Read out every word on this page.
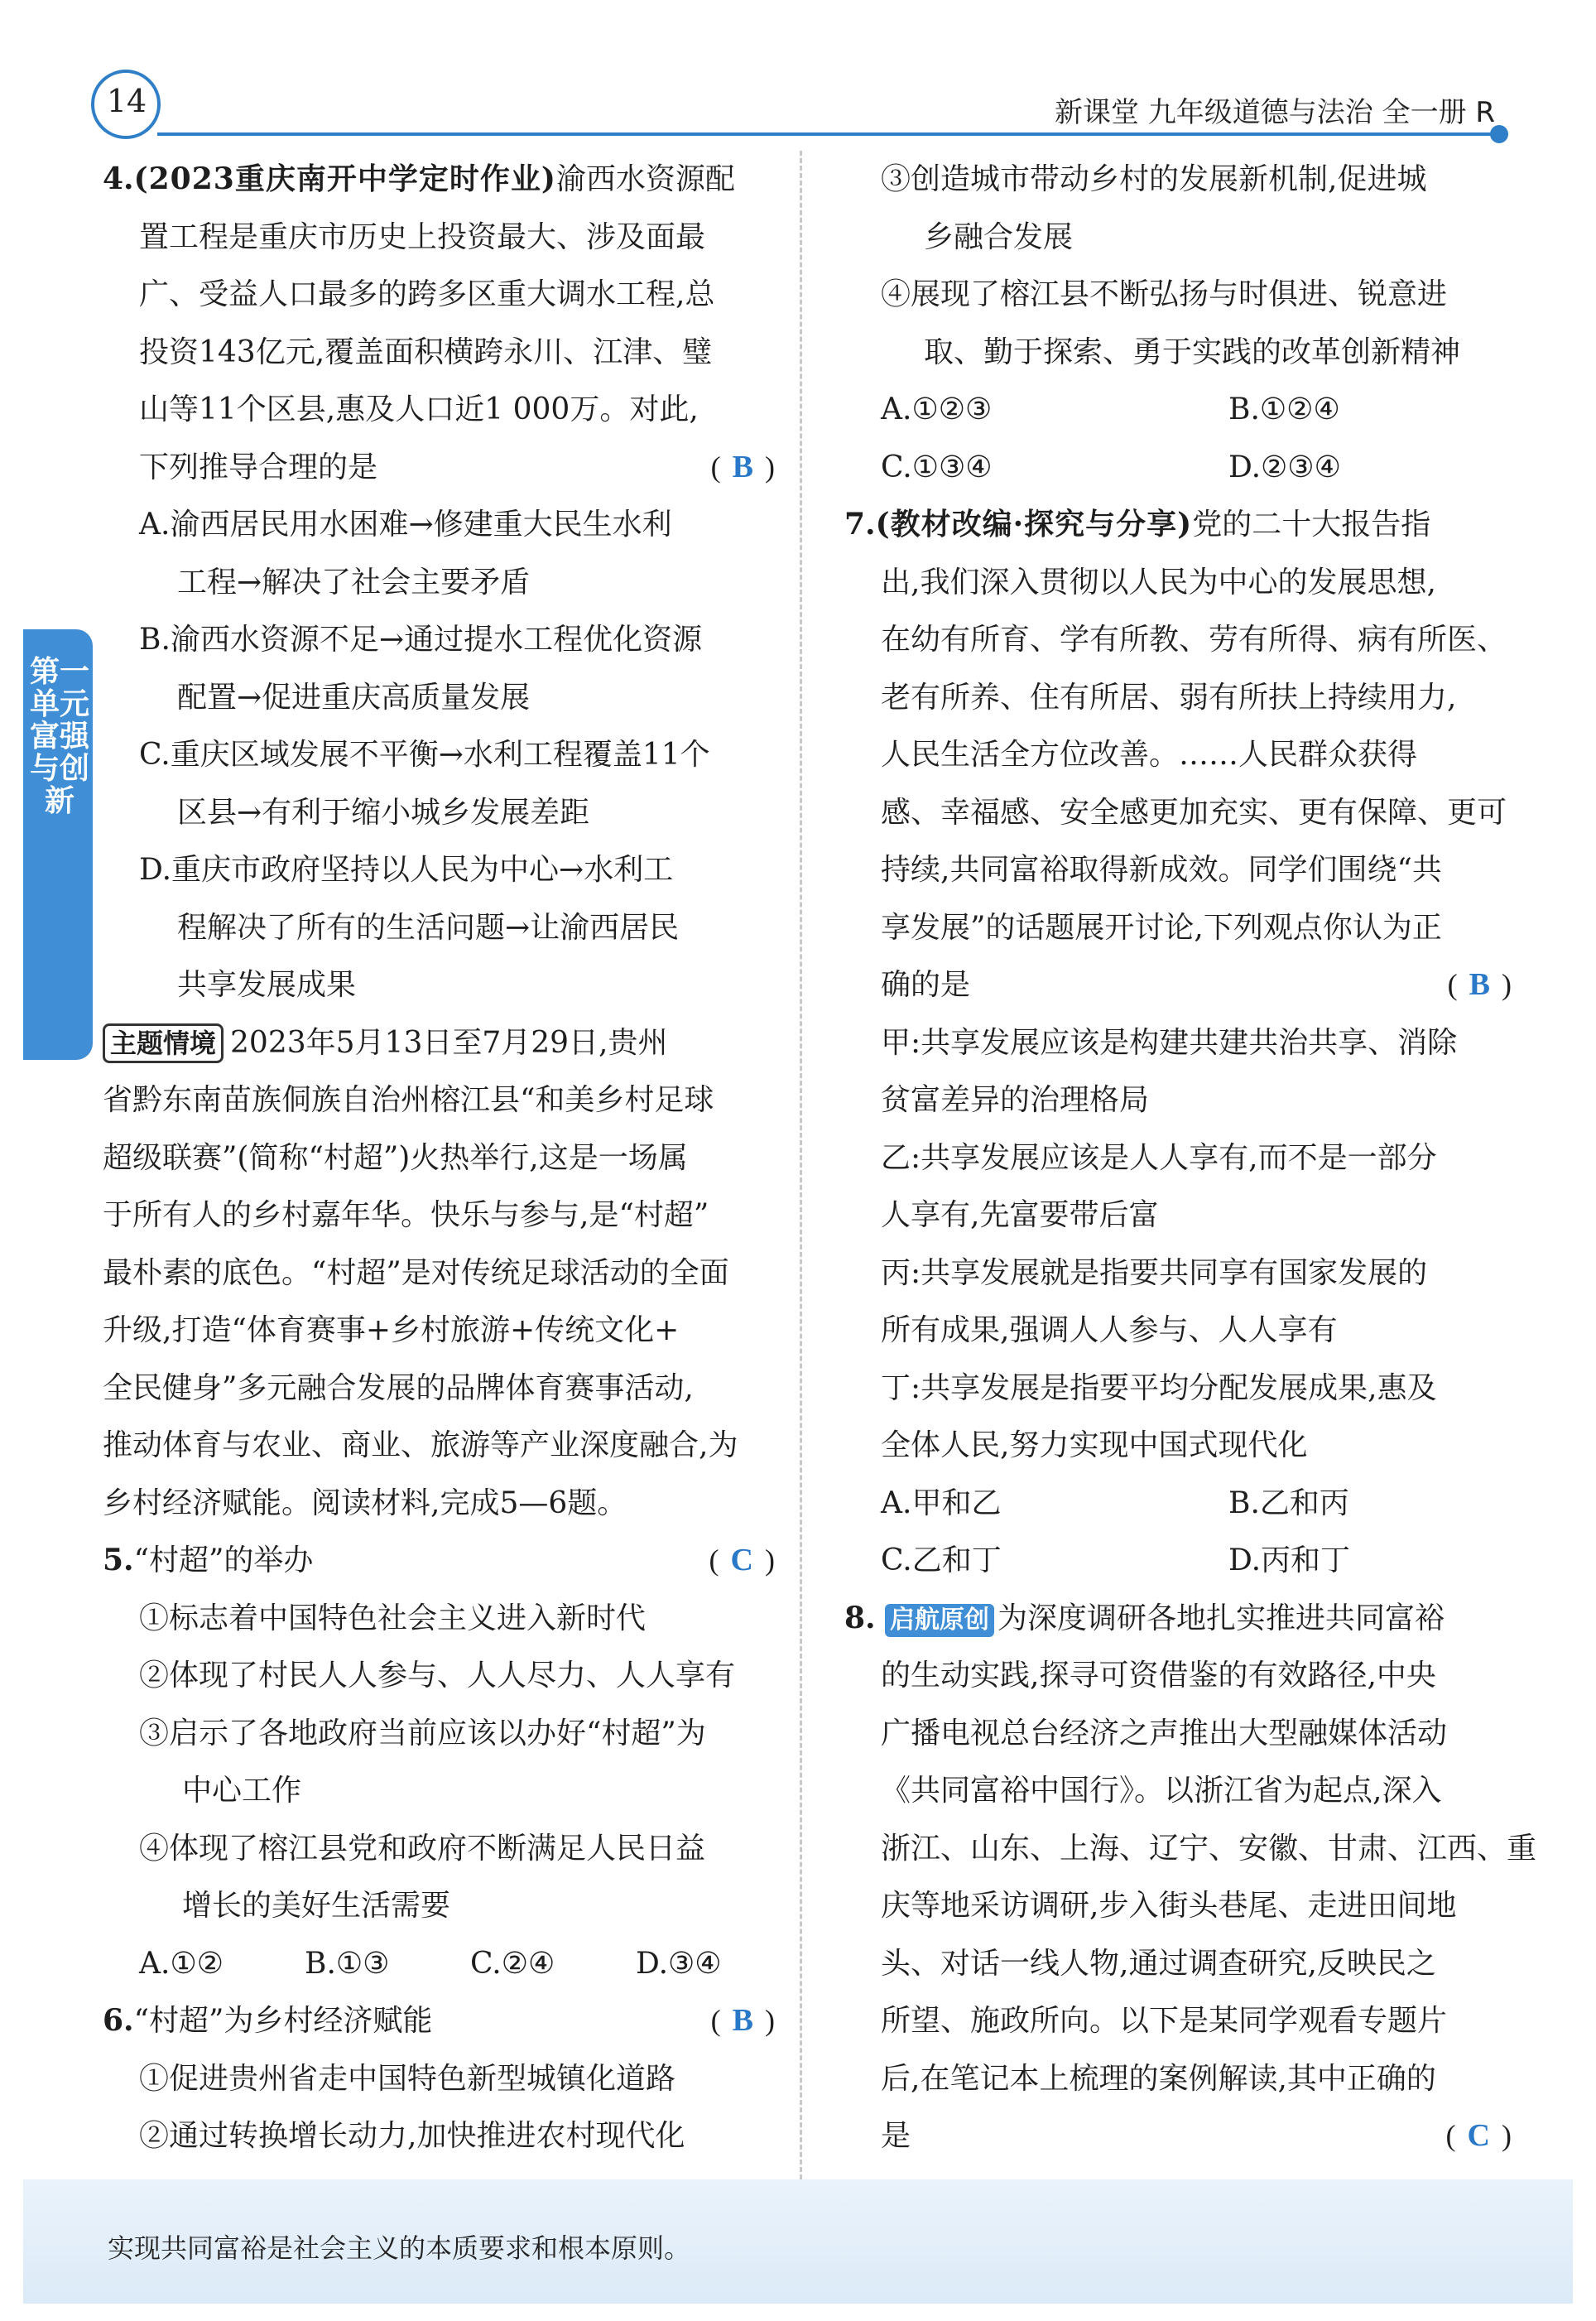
14	新课堂 九年级道德与法治 全一册 R
第一单元 富强与创新

4.(2023重庆南开中学定时作业)渝西水资源配

置工程是重庆市历史上投资最大、涉及面最

广、受益人口最多的跨多区重大调水工程,总

投资143亿元,覆盖面积横跨永川、江津、璧

山等11个区县,惠及人口近1 000万。对此,

下列推导合理的是	( B )

A.渝西居民用水困难→修建重大民生水利

工程→解决了社会主要矛盾

B.渝西水资源不足→通过提水工程优化资源

配置→促进重庆高质量发展

C.重庆区域发展不平衡→水利工程覆盖11个

区县→有利于缩小城乡发展差距

D.重庆市政府坚持以人民为中心→水利工

程解决了所有的生活问题→让渝西居民

共享发展成果

主题情境 2023年5月13日至7月29日,贵州

省黔东南苗族侗族自治州榕江县“和美乡村足球

超级联赛”(简称“村超”)火热举行,这是一场属

于所有人的乡村嘉年华。快乐与参与,是“村超”

最朴素的底色。“村超”是对传统足球活动的全面

升级,打造“体育赛事+乡村旅游+传统文化+

全民健身”多元融合发展的品牌体育赛事活动,

推动体育与农业、商业、旅游等产业深度融合,为

乡村经济赋能。阅读材料,完成5—6题。

5.“村超”的举办	( C )

①标志着中国特色社会主义进入新时代

②体现了村民人人参与、人人尽力、人人享有

③启示了各地政府当前应该以办好“村超”为

中心工作

④体现了榕江县党和政府不断满足人民日益

增长的美好生活需要

A.①②	B.①③	C.②④	D.③④

6.“村超”为乡村经济赋能	( B )

①促进贵州省走中国特色新型城镇化道路

②通过转换增长动力,加快推进农村现代化

③创造城市带动乡村的发展新机制,促进城

乡融合发展

④展现了榕江县不断弘扬与时俱进、锐意进

取、勤于探索、勇于实践的改革创新精神

A.①②③	B.①②④

C.①③④	D.②③④

7.(教材改编·探究与分享)党的二十大报告指

出,我们深入贯彻以人民为中心的发展思想,

在幼有所育、学有所教、劳有所得、病有所医、

老有所养、住有所居、弱有所扶上持续用力,

人民生活全方位改善。……人民群众获得

感、幸福感、安全感更加充实、更有保障、更可

持续,共同富裕取得新成效。同学们围绕“共

享发展”的话题展开讨论,下列观点你认为正

确的是	( B )

甲:共享发展应该是构建共建共治共享、消除

贫富差异的治理格局

乙:共享发展应该是人人享有,而不是一部分

人享有,先富要带后富

丙:共享发展就是指要共同享有国家发展的

所有成果,强调人人参与、人人享有

丁:共享发展是指要平均分配发展成果,惠及

全体人民,努力实现中国式现代化

A.甲和乙	B.乙和丙

C.乙和丁	D.丙和丁

8. 启航原创 为深度调研各地扎实推进共同富裕

的生动实践,探寻可资借鉴的有效路径,中央

广播电视总台经济之声推出大型融媒体活动

《共同富裕中国行》。以浙江省为起点,深入

浙江、山东、上海、辽宁、安徽、甘肃、江西、重

庆等地采访调研,步入街头巷尾、走进田间地

头、对话一线人物,通过调查研究,反映民之

所望、施政所向。以下是某同学观看专题片

后,在笔记本上梳理的案例解读,其中正确的

是	( C )

实现共同富裕是社会主义的本质要求和根本原则。
